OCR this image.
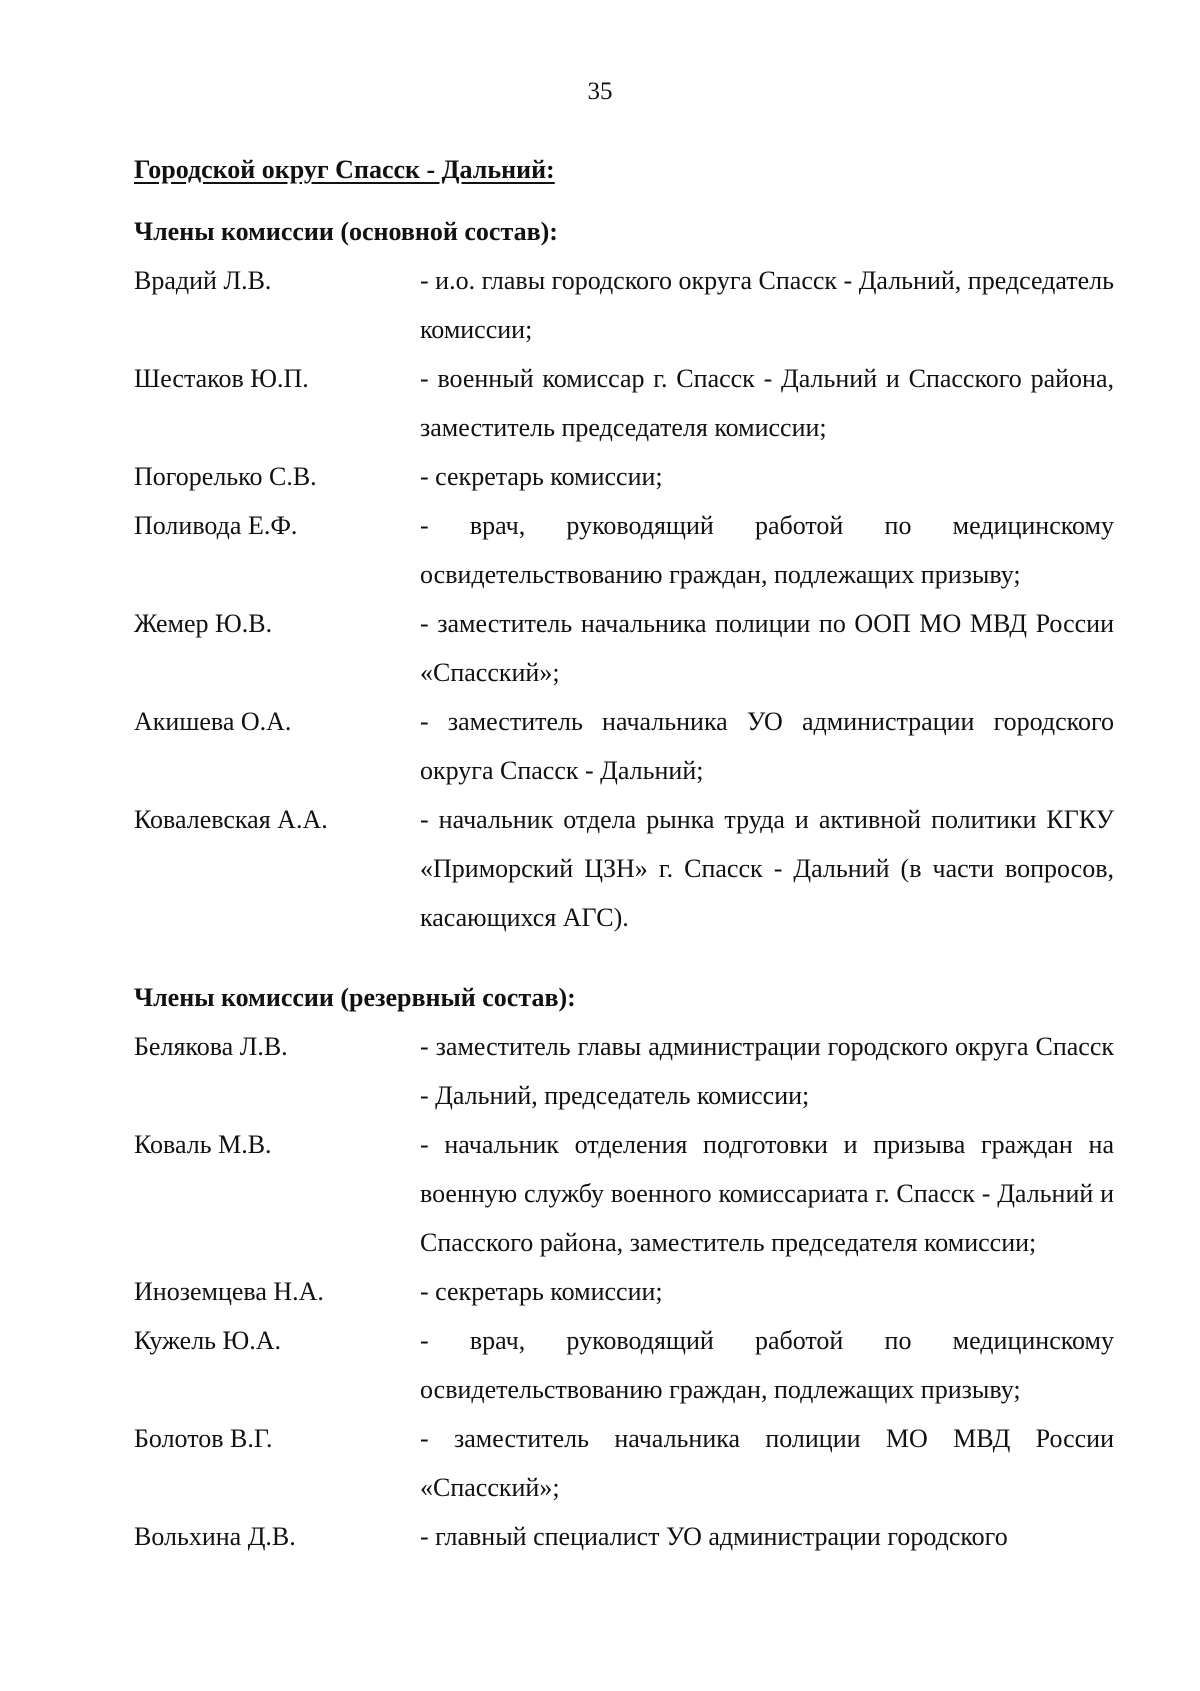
35
Городской округ Спасск - Дальний:
Члены комиссии (основной состав):
Врадий Л.В.	- и.о. главы городского округа Спасск - Дальний, председатель комиссии;
Шестаков Ю.П.	- военный комиссар г. Спасск - Дальний и Спасского района, заместитель председателя комиссии;
Погорелько С.В.	- секретарь комиссии;
Поливода Е.Ф.	- врач, руководящий работой по медицинскому освидетельствованию граждан, подлежащих призыву;
Жемер Ю.В.	- заместитель начальника полиции по ООП МО МВД России «Спасский»;
Акишева О.А.	- заместитель начальника УО администрации городского округа Спасск - Дальний;
Ковалевская А.А.	- начальник отдела рынка труда и активной политики КГКУ «Приморский ЦЗН» г. Спасск - Дальний (в части вопросов, касающихся АГС).
Члены комиссии (резервный состав):
Белякова Л.В.	- заместитель главы администрации городского округа Спасск - Дальний, председатель комиссии;
Коваль М.В.	- начальник отделения подготовки и призыва граждан на военную службу военного комиссариата г. Спасск - Дальний и Спасского района, заместитель председателя комиссии;
Иноземцева Н.А.	- секретарь комиссии;
Кужель Ю.А.	- врач, руководящий работой по медицинскому освидетельствованию граждан, подлежащих призыву;
Болотов В.Г.	- заместитель начальника полиции МО МВД России «Спасский»;
Вольхина Д.В.	- главный специалист УО администрации городского
